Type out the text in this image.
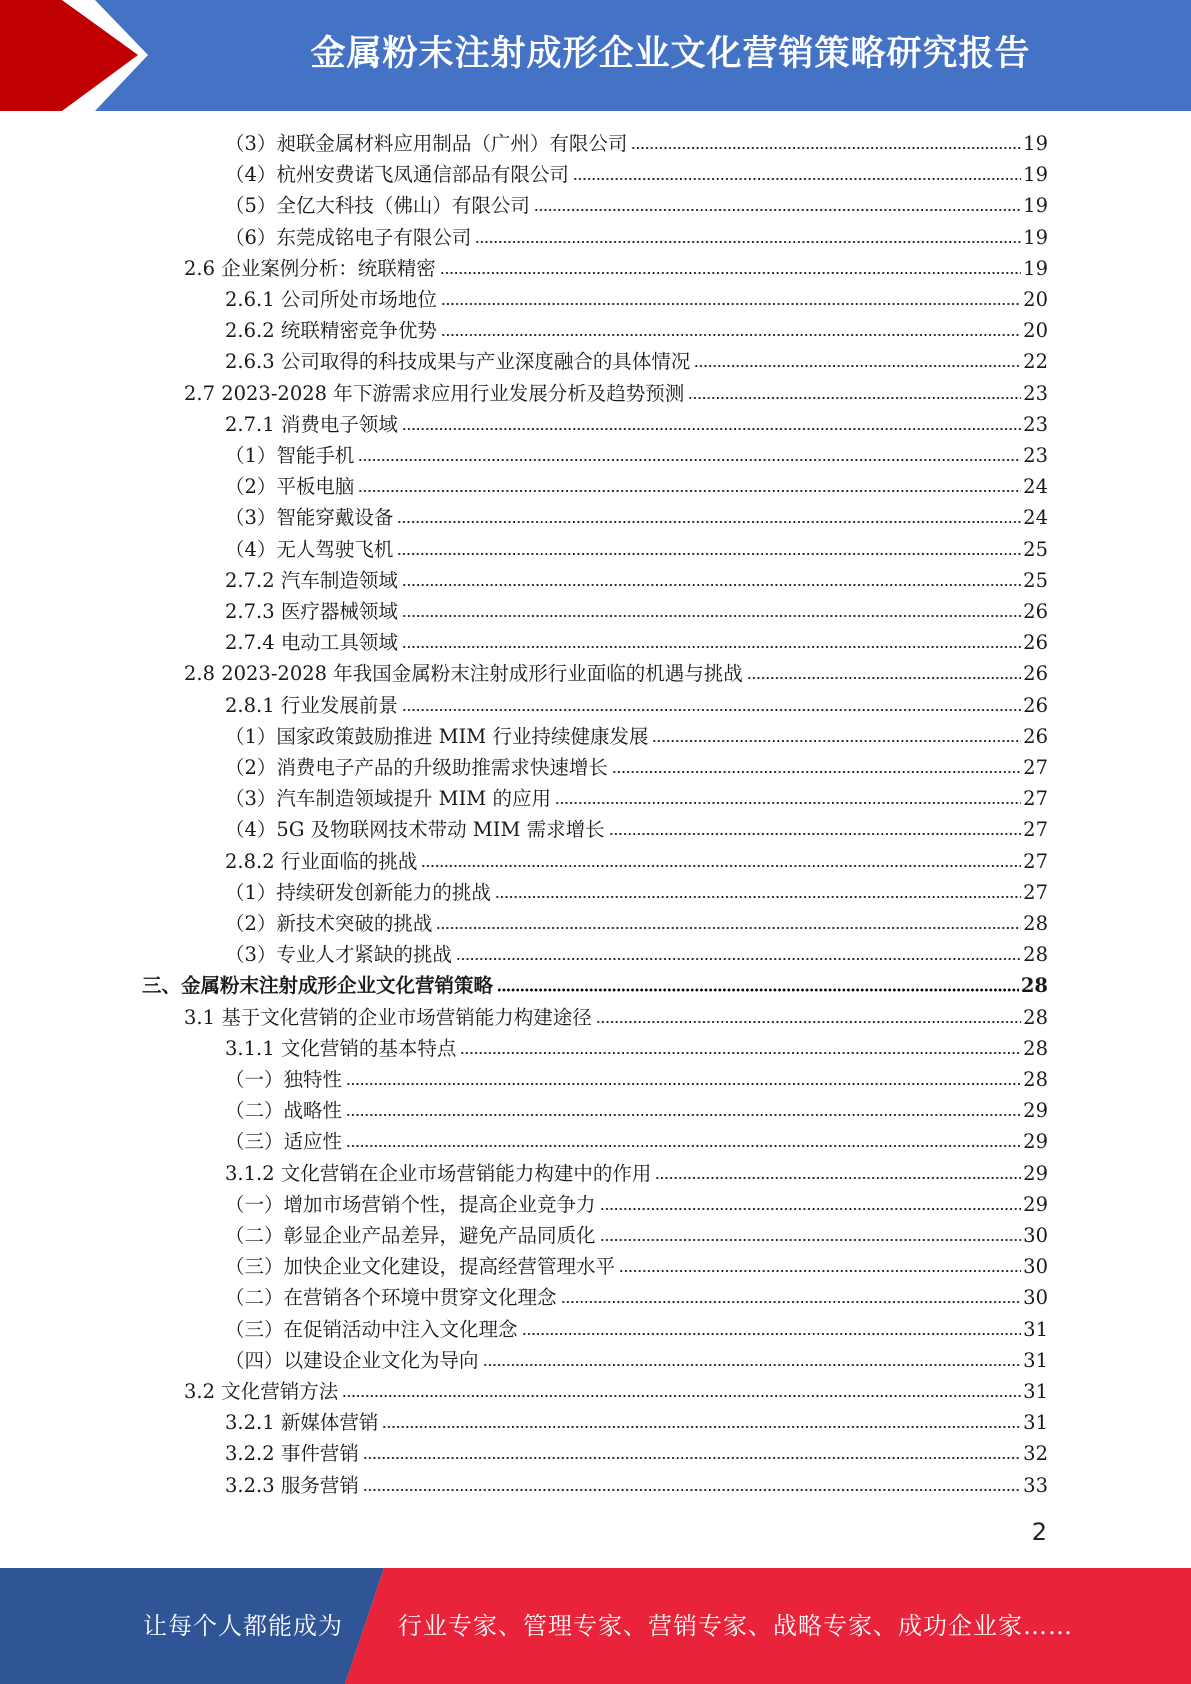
金属粉末注射成形企业文化营销策略研究报告
（3）昶联金属材料应用制品（广州）有限公司	19
（4）杭州安费诺飞凤通信部品有限公司	19
（5）全亿大科技（佛山）有限公司	19
（6）东莞成铭电子有限公司	19
2.6 企业案例分析：统联精密	19
2.6.1 公司所处市场地位	20
2.6.2 统联精密竞争优势	20
2.6.3 公司取得的科技成果与产业深度融合的具体情况	22
2.7 2023-2028 年下游需求应用行业发展分析及趋势预测	23
2.7.1 消费电子领域	23
（1）智能手机	23
（2）平板电脑	24
（3）智能穿戴设备	24
（4）无人驾驶飞机	25
2.7.2 汽车制造领域	25
2.7.3 医疗器械领域	26
2.7.4 电动工具领域	26
2.8 2023-2028 年我国金属粉末注射成形行业面临的机遇与挑战	26
2.8.1 行业发展前景	26
（1）国家政策鼓励推进 MIM 行业持续健康发展	26
（2）消费电子产品的升级助推需求快速增长	27
（3）汽车制造领域提升 MIM 的应用	27
（4）5G 及物联网技术带动 MIM 需求增长	27
2.8.2 行业面临的挑战	27
（1）持续研发创新能力的挑战	27
（2）新技术突破的挑战	28
（3）专业人才紧缺的挑战	28
三、金属粉末注射成形企业文化营销策略	28
3.1 基于文化营销的企业市场营销能力构建途径	28
3.1.1 文化营销的基本特点	28
（一）独特性	28
（二）战略性	29
（三）适应性	29
3.1.2 文化营销在企业市场营销能力构建中的作用	29
（一）增加市场营销个性，提高企业竞争力	29
（二）彰显企业产品差异，避免产品同质化	30
（三）加快企业文化建设，提高经营管理水平	30
（二）在营销各个环境中贯穿文化理念	30
（三）在促销活动中注入文化理念	31
（四）以建设企业文化为导向	31
3.2 文化营销方法	31
3.2.1 新媒体营销	31
3.2.2 事件营销	32
3.2.3 服务营销	33
2
让每个人都能成为 行业专家、管理专家、营销专家、战略专家、成功企业家……
